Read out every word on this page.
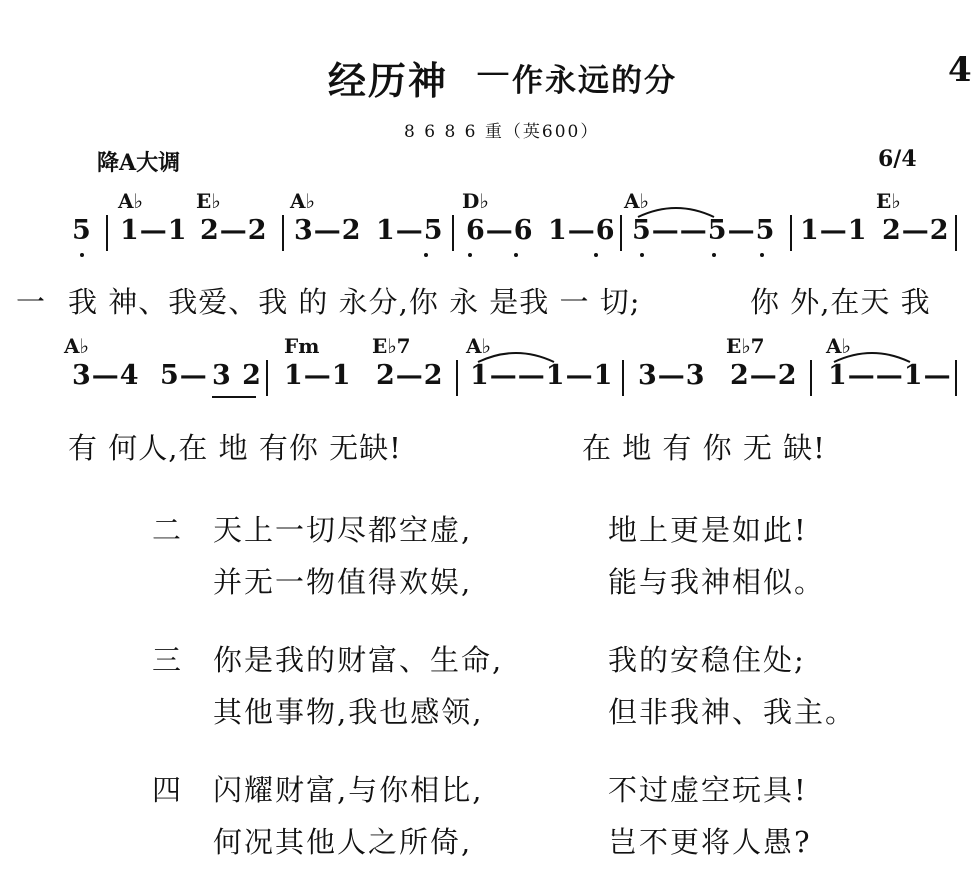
经历神 — 作永远的分	4
8 6 8 6 重（英600）
降A大调	6/4
A♭	E♭	A♭	D♭	A♭	E♭
5 1—1 2—2 3—2 1—5 6—6 1—6 5——5—5 1—1 2—2
一 我 神、我爱、我 的 永分,你 永 是我 一 切;	你 外,在天 我
A♭	Fm	E♭7	A♭	E♭7	A♭
3—4 5— 3 2 1—1 2—2 1——1—1 3—3 2—2 1——1—
有 何人,在 地 有你 无缺!	在 地 有 你 无 缺!
二 天上一切尽都空虚,	地上更是如此!
并无一物值得欢娱,	能与我神相似。
三 你是我的财富、生命,	我的安稳住处;
其他事物,我也感领,	但非我神、我主。
四 闪耀财富,与你相比,	不过虚空玩具!
何况其他人之所倚,	岂不更将人愚?
